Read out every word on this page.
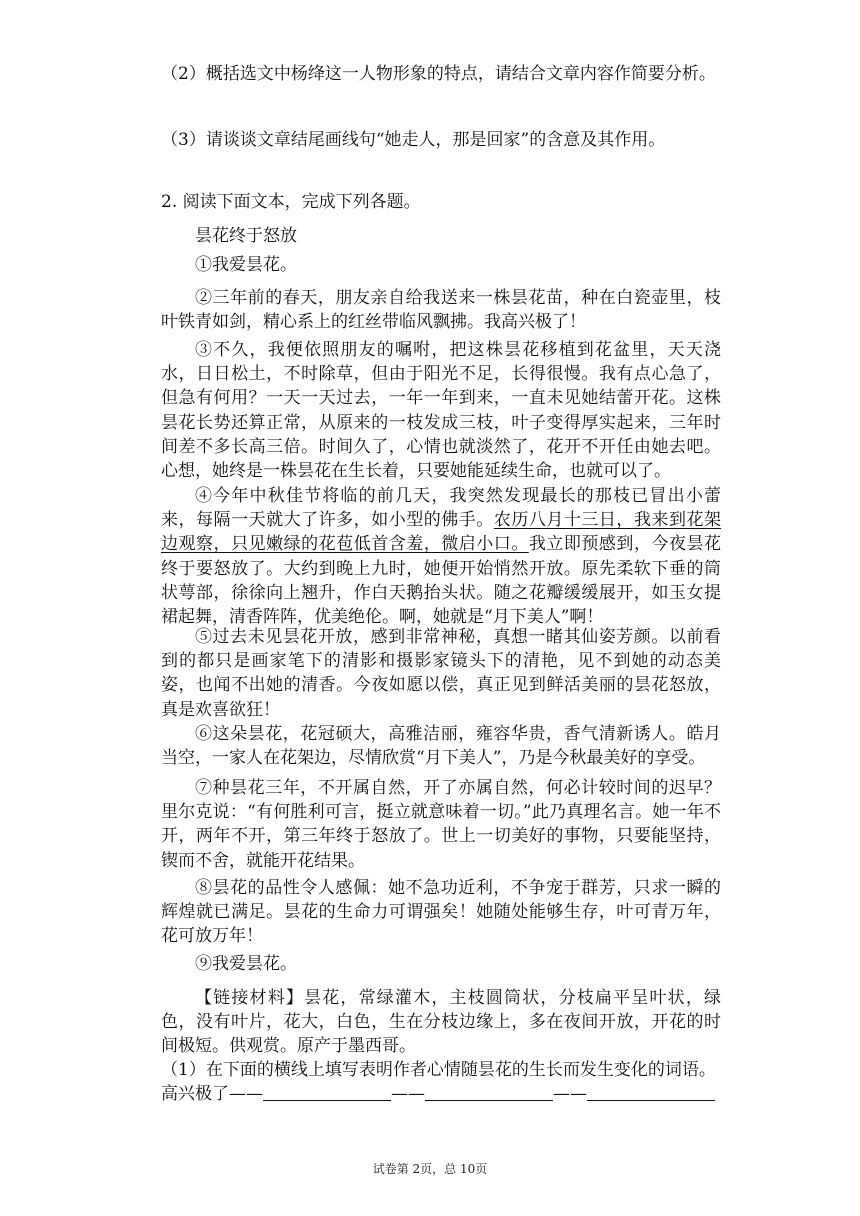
（2）概括选文中杨绛这一人物形象的特点，请结合文章内容作简要分析。
（3）请谈谈文章结尾画线句“她走人，那是回家”的含意及其作用。
2. 阅读下面文本，完成下列各题。
昙花终于怒放
①我爱昙花。
②三年前的春天，朋友亲自给我送来一株昙花苗，种在白瓷壶里，枝叶铁青如剑，精心系上的红丝带临风飘拂。我高兴极了！
③不久，我便依照朋友的嘱咐，把这株昙花移植到花盆里，天天浇水，日日松土，不时除草，但由于阳光不足，长得很慢。我有点心急了，但急有何用？一天一天过去，一年一年到来，一直未见她结蕾开花。这株昙花长势还算正常，从原来的一枝发成三枝，叶子变得厚实起来，三年时间差不多长高三倍。时间久了，心情也就淡然了，花开不开任由她去吧。心想，她终是一株昙花在生长着，只要她能延续生命，也就可以了。
④今年中秋佳节将临的前几天，我突然发现最长的那枝已冒出小蕾来，每隔一天就大了许多，如小型的佛手。农历八月十三日，我来到花架边观察，只见嫩绿的花苞低首含羞，微启小口。我立即预感到，今夜昙花终于要怒放了。大约到晚上九时，她便开始悄然开放。原先柔软下垂的筒状萼部，徐徐向上翘升，作白天鹅抬头状。随之花瓣缓缓展开，如玉女提裙起舞，清香阵阵，优美绝伦。啊，她就是“月下美人”啊！
⑤过去未见昙花开放，感到非常神秘，真想一睹其仙姿芳颜。以前看到的都只是画家笔下的清影和摄影家镜头下的清艳，见不到她的动态美姿，也闻不出她的清香。今夜如愿以偿，真正见到鲜活美丽的昙花怒放，真是欢喜欲狂！
⑥这朵昙花，花冠硕大，高雅洁丽，雍容华贵，香气清新诱人。皓月当空，一家人在花架边，尽情欣赏“月下美人”，乃是今秋最美好的享受。
⑦种昙花三年，不开属自然，开了亦属自然，何必计较时间的迟早？里尔克说：“有何胜利可言，挺立就意味着一切。”此乃真理名言。她一年不开，两年不开，第三年终于怒放了。世上一切美好的事物，只要能坚持，锲而不舍，就能开花结果。
⑧昙花的品性令人感佩：她不急功近利，不争宠于群芳，只求一瞬的辉煌就已满足。昙花的生命力可谓强矣！她随处能够生存，叶可青万年，花可放万年！
⑨我爱昙花。
【链接材料】昙花，常绿灌木，主枝圆筒状，分枝扁平呈叶状，绿色，没有叶片，花大，白色，生在分枝边缘上，多在夜间开放，开花的时间极短。供观赏。原产于墨西哥。
（1）在下面的横线上填写表明作者心情随昙花的生长而发生变化的词语。
高兴极了——	——	——
试卷第 2页，总 10页
